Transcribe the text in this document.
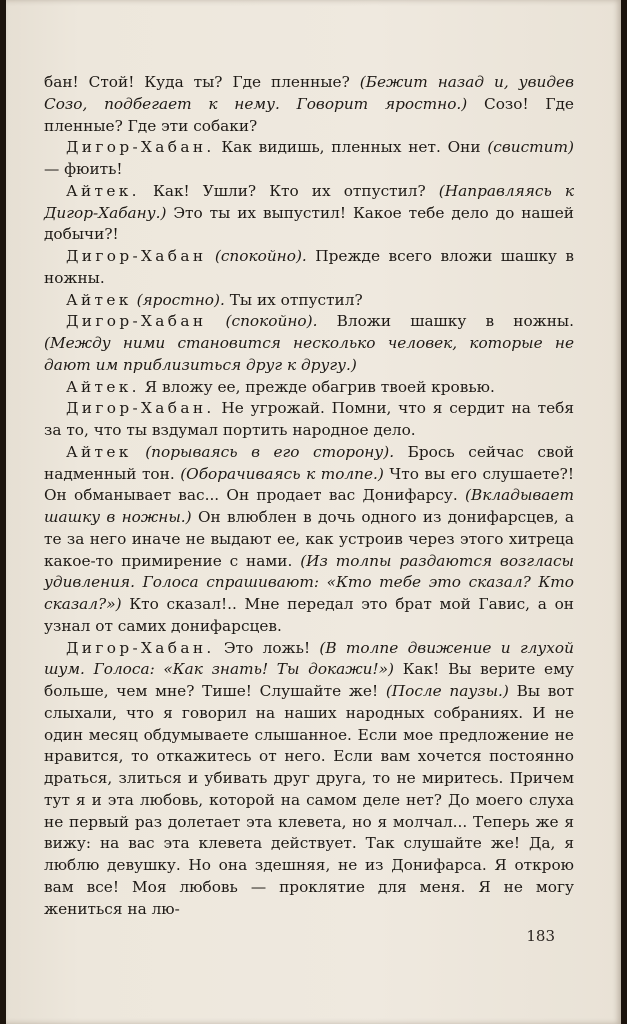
бан! Стой! Куда ты? Где пленные? (Бежит назад и, увидев Созо, подбегает к нему. Говорит яростно.) Созо! Где пленные? Где эти собаки?

Дигор-Хабан. Как видишь, пленных нет. Они (свистит) — фюить!

Айтек. Как! Ушли? Кто их отпустил? (Направляясь к Дигор-Хабану.) Это ты их выпустил! Какое тебе дело до нашей добычи?!

Дигор-Хабан (спокойно). Прежде всего вложи шашку в ножны.

Айтек (яростно). Ты их отпустил?

Дигор-Хабан (спокойно). Вложи шашку в ножны. (Между ними становится несколько человек, которые не дают им приблизиться друг к другу.)

Айтек. Я вложу ее, прежде обагрив твоей кровью.

Дигор-Хабан. Не угрожай. Помни, что я сердит на тебя за то, что ты вздумал портить народное дело.

Айтек (порываясь в его сторону). Брось сейчас свой надменный тон. (Оборачиваясь к толпе.) Что вы его слушаете?! Он обманывает вас... Он продает вас Донифарсу. (Вкладывает шашку в ножны.) Он влюблен в дочь одного из донифарсцев, а те за него иначе не выдают ее, как устроив через этого хитреца какое-то примирение с нами. (Из толпы раздаются возгласы удивления. Голоса спрашивают: «Кто тебе это сказал? Кто сказал?») Кто сказал!.. Мне передал это брат мой Гавис, а он узнал от самих донифарсцев.

Дигор-Хабан. Это ложь! (В толпе движение и глухой шум. Голоса: «Как знать! Ты докажи!») Как! Вы верите ему больше, чем мне? Тише! Слушайте же! (После паузы.) Вы вот слыхали, что я говорил на наших народных собраниях. И не один месяц обдумываете слышанное. Если мое предложение не нравится, то откажитесь от него. Если вам хочется постоянно драться, злиться и убивать друг друга, то не миритесь. Причем тут я и эта любовь, которой на самом деле нет? До моего слуха не первый раз долетает эта клевета, но я молчал... Теперь же я вижу: на вас эта клевета действует. Так слушайте же! Да, я люблю девушку. Но она здешняя, не из Донифарса. Я открою вам все! Моя любовь — проклятие для меня. Я не могу жениться на лю-

183
